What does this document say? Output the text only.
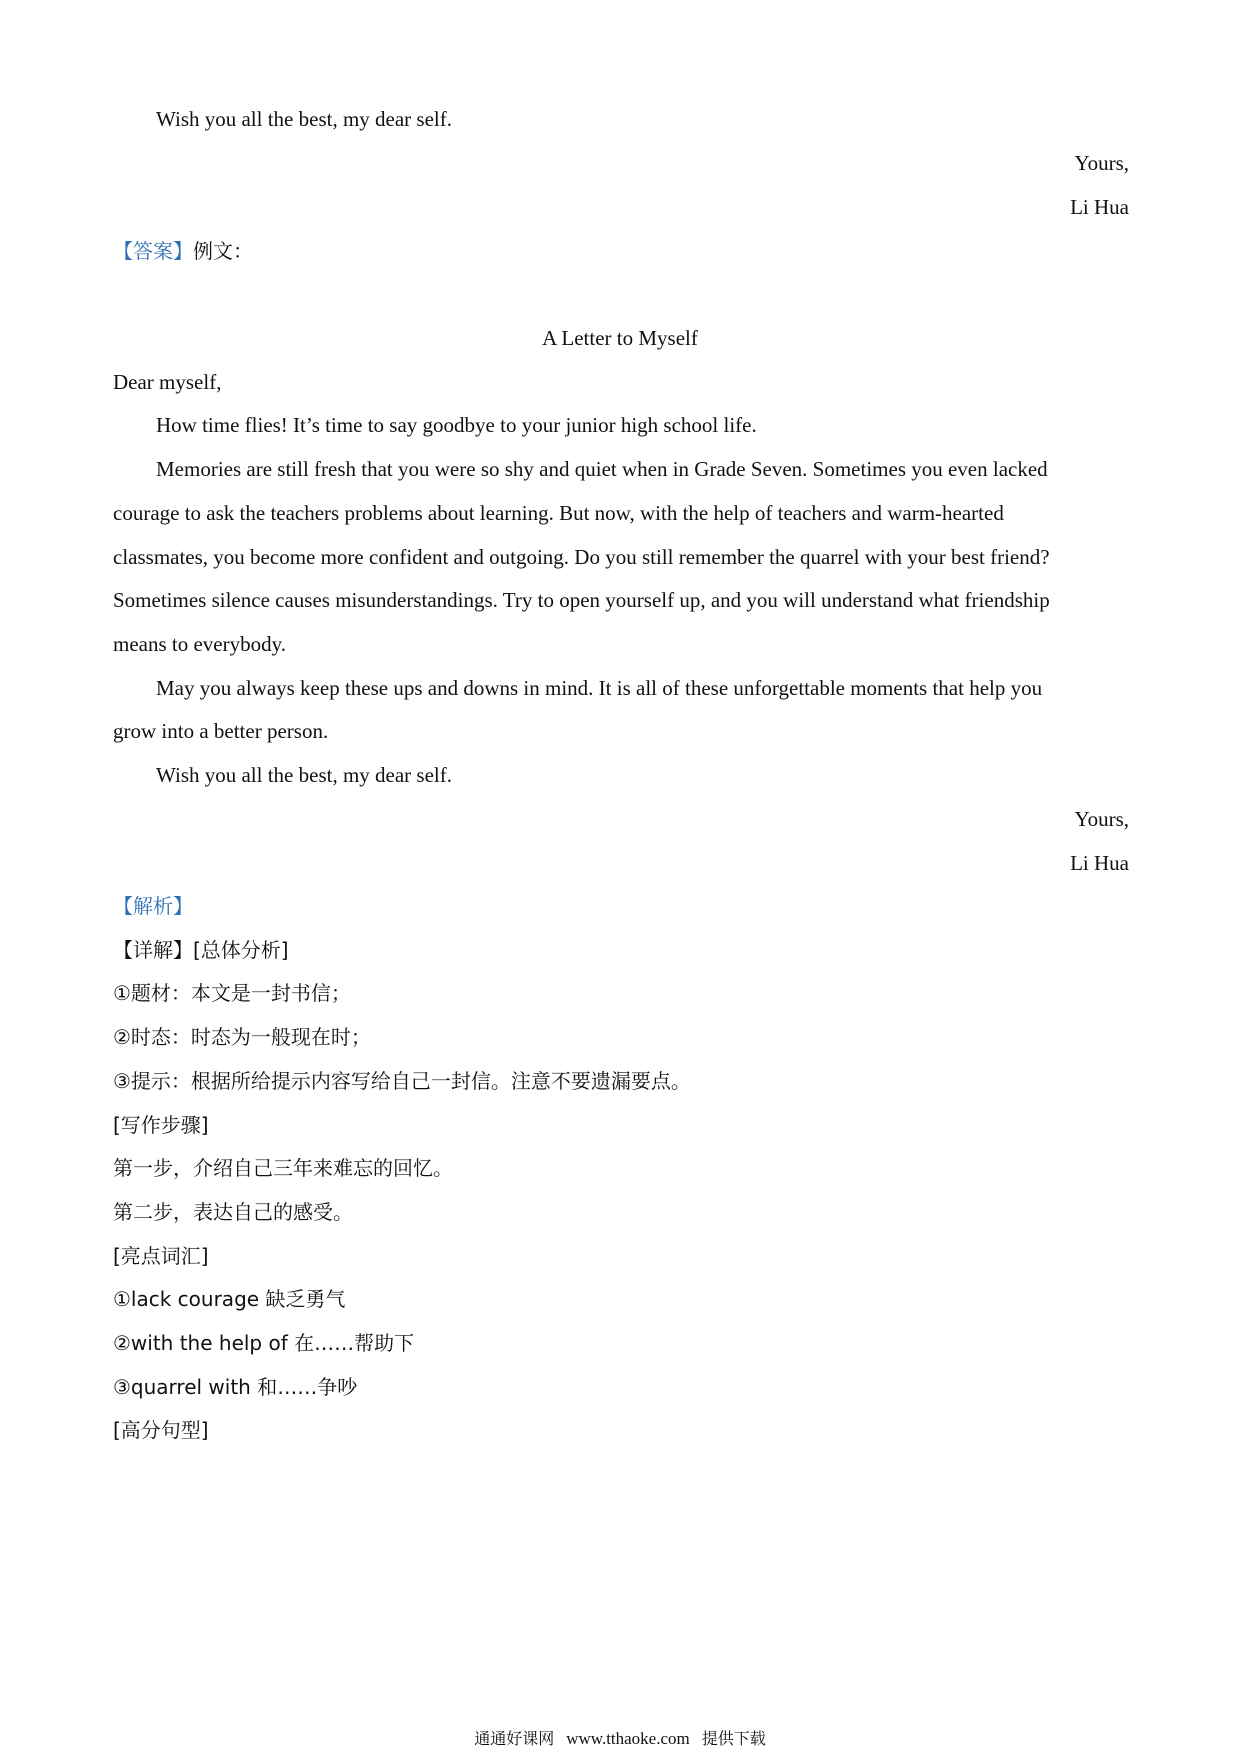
Wish you all the best, my dear self.
Yours,
Li Hua
【答案】例文：
A Letter to Myself
Dear myself,
How time flies! It’s time to say goodbye to your junior high school life.
Memories are still fresh that you were so shy and quiet when in Grade Seven. Sometimes you even lacked
courage to ask the teachers problems about learning. But now, with the help of teachers and warm-hearted
classmates, you become more confident and outgoing. Do you still remember the quarrel with your best friend?
Sometimes silence causes misunderstandings. Try to open yourself up, and you will understand what friendship
means to everybody.
May you always keep these ups and downs in mind. It is all of these unforgettable moments that help you
grow into a better person.
Wish you all the best, my dear self.
Yours,
Li Hua
【解析】
【详解】[总体分析]
①题材：本文是一封书信；
②时态：时态为一般现在时；
③提示：根据所给提示内容写给自己一封信。注意不要遗漏要点。
[写作步骤]
第一步，介绍自己三年来难忘的回忆。
第二步，表达自己的感受。
[亮点词汇]
①lack courage 缺乏勇气
②with the help of 在……帮助下
③quarrel with 和……争吵
[高分句型]
通通好课网 www.tthaoke.com 提供下载
